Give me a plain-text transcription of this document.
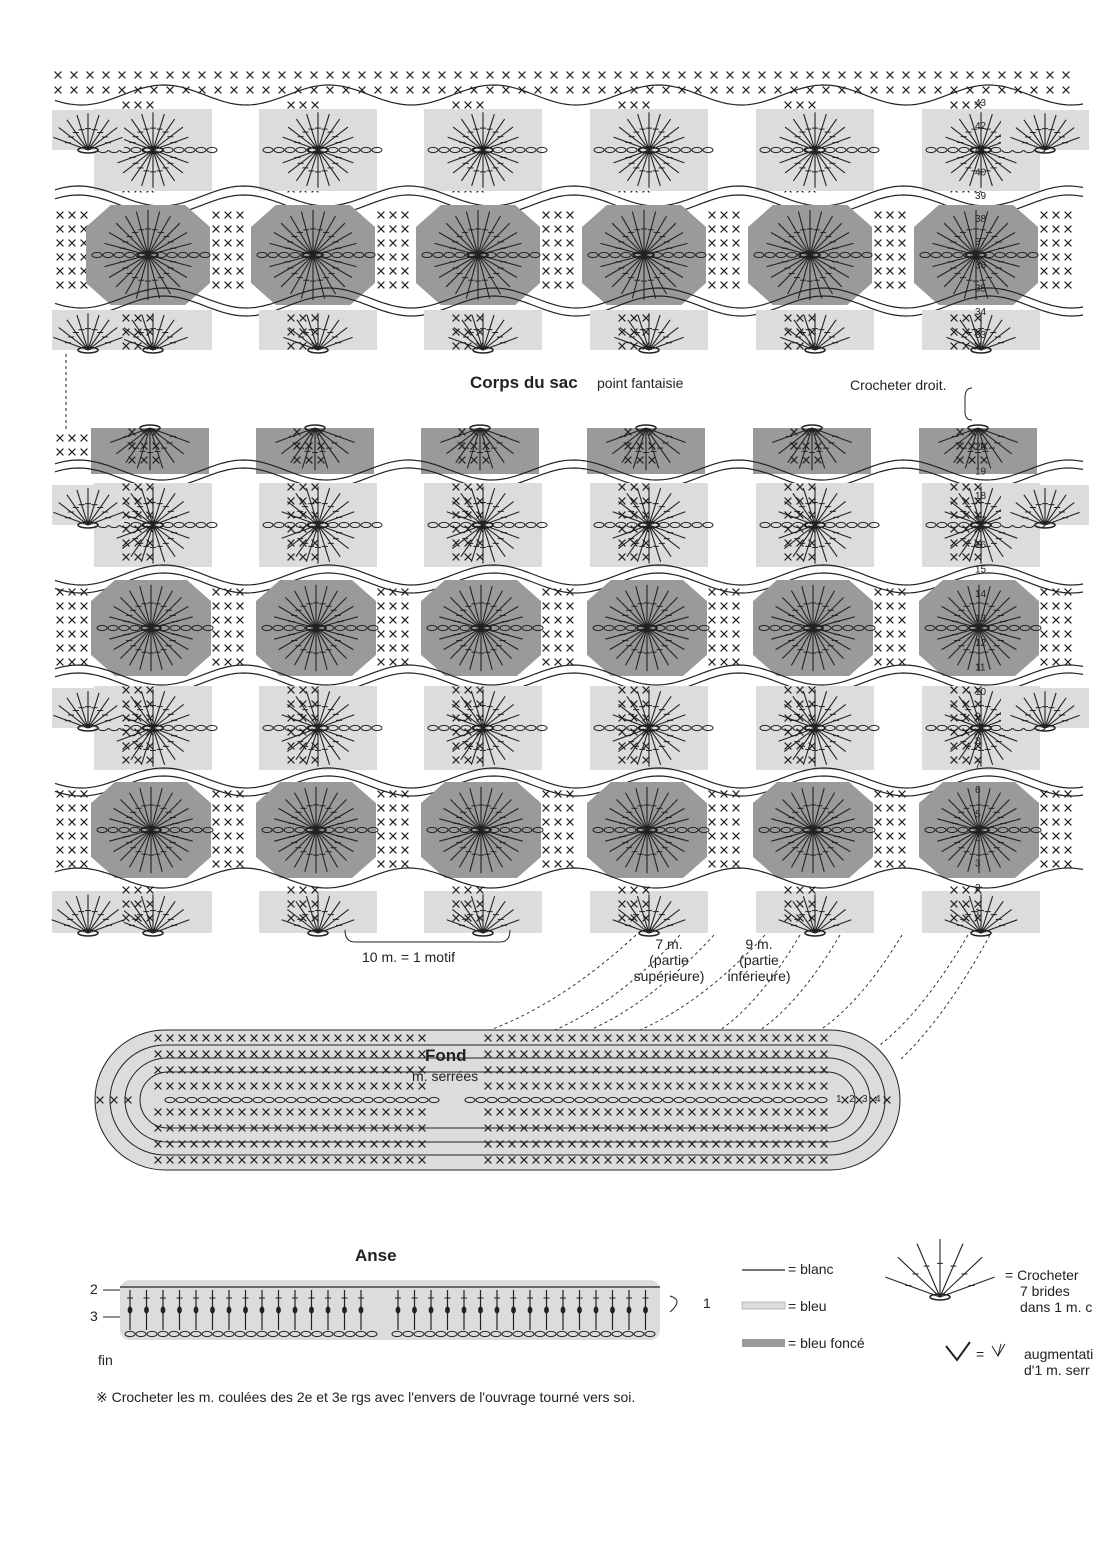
43
42
41
40
39
38
37
36
35
34
33
20
19
18
17
16
15
14
13
12
11
10
9
8
7
6
5
4
3
2
1
1 2 3 4
=
Corps du sac point fantaisie	Crocheter droit.
10 m. = 1 motif
7 m.
(partie
supérieure)
9 m.
(partie
inférieure)
Fond
m. serrées
Anse
2
3
1
fin
※ Crocheter les m. coulées des 2e et 3e rgs avec l'envers de l'ouvrage tourné vers soi.
= blanc
= bleu
= bleu foncé
= Crocheter
7 brides
dans 1 m. c
augmentati
d'1 m. serr
